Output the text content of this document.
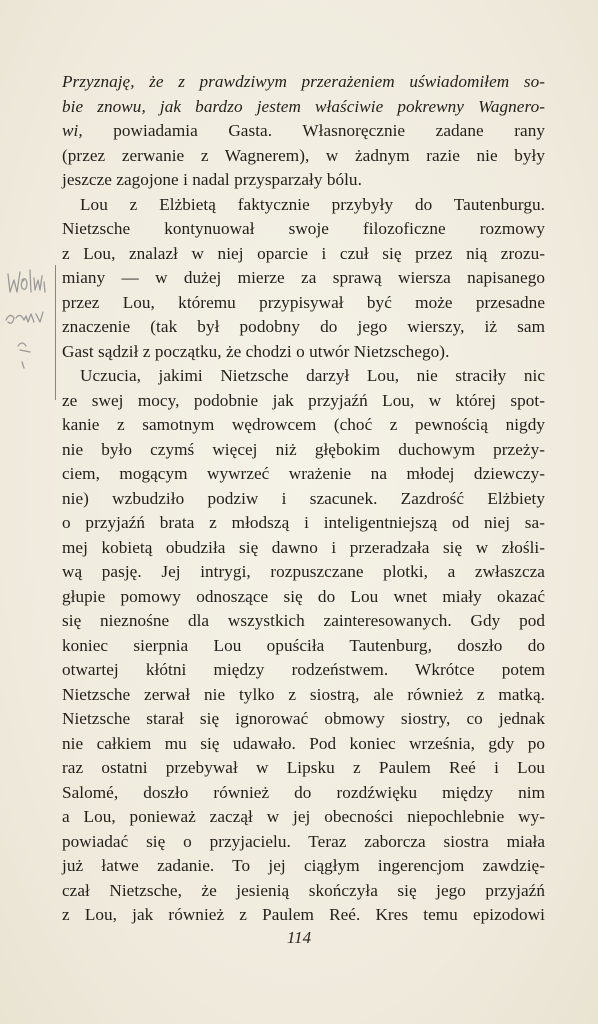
Przyznaję, że z prawdziwym przerażeniem uświadomiłem so-
bie znowu, jak bardzo jestem właściwie pokrewny Wagnero-
wi, powiadamia Gasta. Własnoręcznie zadane rany
(przez zerwanie z Wagnerem), w żadnym razie nie były
jeszcze zagojone i nadal przysparzały bólu.
Lou z Elżbietą faktycznie przybyły do Tautenburgu.
Nietzsche kontynuował swoje filozoficzne rozmowy
z Lou, znalazł w niej oparcie i czuł się przez nią zrozu-
miany — w dużej mierze za sprawą wiersza napisanego
przez Lou, któremu przypisywał być może przesadne
znaczenie (tak był podobny do jego wierszy, iż sam
Gast sądził z początku, że chodzi o utwór Nietzschego).
Uczucia, jakimi Nietzsche darzył Lou, nie straciły nic
ze swej mocy, podobnie jak przyjaźń Lou, w której spot-
kanie z samotnym wędrowcem (choć z pewnością nigdy
nie było czymś więcej niż głębokim duchowym przeży-
ciem, mogącym wywrzeć wrażenie na młodej dziewczy-
nie) wzbudziło podziw i szacunek. Zazdrość Elżbiety
o przyjaźń brata z młodszą i inteligentniejszą od niej sa-
mej kobietą obudziła się dawno i przeradzała się w złośli-
wą pasję. Jej intrygi, rozpuszczane plotki, a zwłaszcza
głupie pomowy odnoszące się do Lou wnet miały okazać
się nieznośne dla wszystkich zainteresowanych. Gdy pod
koniec sierpnia Lou opuściła Tautenburg, doszło do
otwartej kłótni między rodzeństwem. Wkrótce potem
Nietzsche zerwał nie tylko z siostrą, ale również z matką.
Nietzsche starał się ignorować obmowy siostry, co jednak
nie całkiem mu się udawało. Pod koniec września, gdy po
raz ostatni przebywał w Lipsku z Paulem Reé i Lou
Salomé, doszło również do rozdźwięku między nim
a Lou, ponieważ zaczął w jej obecności niepochlebnie wy-
powiadać się o przyjacielu. Teraz zaborcza siostra miała
już łatwe zadanie. To jej ciągłym ingerencjom zawdzię-
czał Nietzsche, że jesienią skończyła się jego przyjaźń
z Lou, jak również z Paulem Reé. Kres temu epizodowi
114
